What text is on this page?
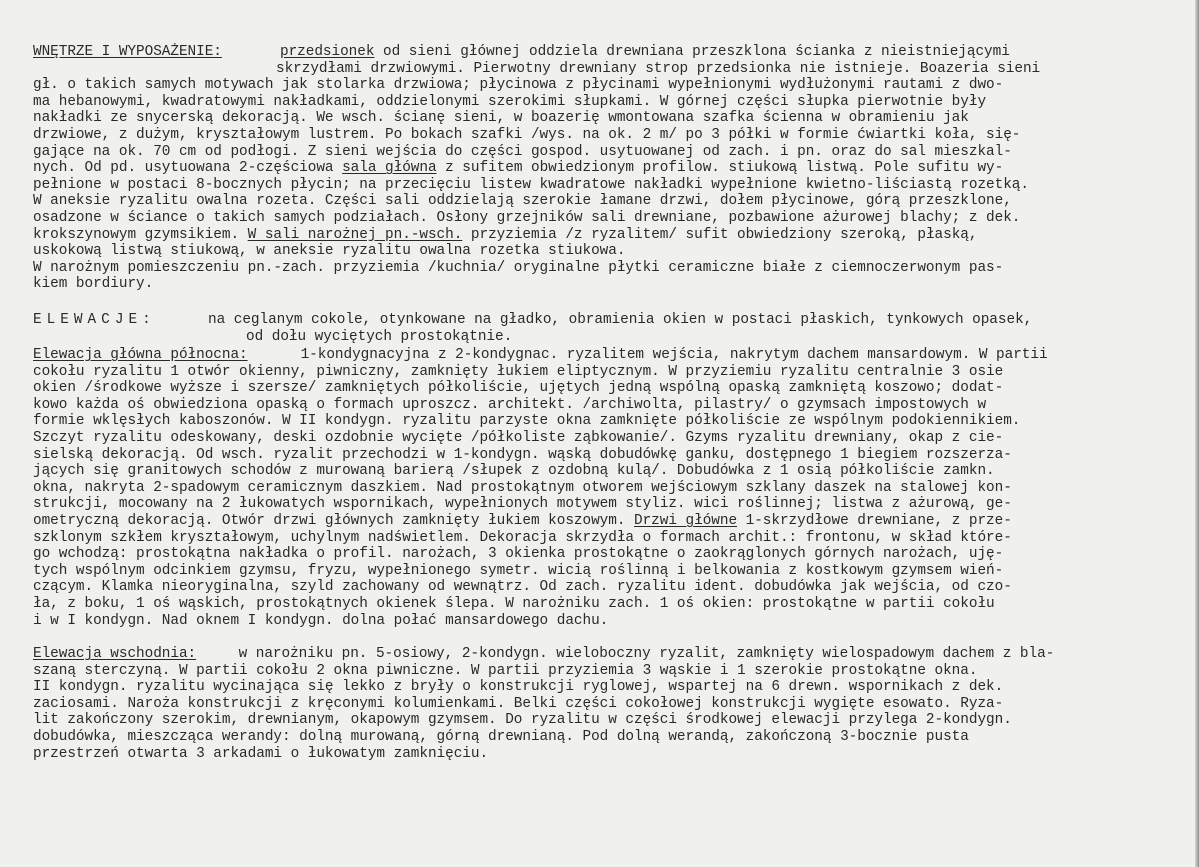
WNĘTRZE I WYPOSAŻENIE:	przedsionek od sieni głównej oddziela drewniana przeszklona ścianka z nieistniejącymi
skrzydłami drzwiowymi. Pierwotny drewniany strop przedsionka nie istnieje. Boazeria sieni
gł. o takich samych motywach jak stolarka drzwiowa; płycinowa z płycinami wypełnionymi wydłużonymi rautami z dwo-
ma hebanowymi, kwadratowymi nakładkami, oddzielonymi szerokimi słupkami. W górnej części słupka pierwotnie były
nakładki ze snycerską dekoracją. We wsch. ścianę sieni, w boazerię wmontowana szafka ścienna w obramieniu jak
drzwiowe, z dużym, kryształowym lustrem. Po bokach szafki /wys. na ok. 2 m/ po 3 półki w formie ćwiartki koła, się-
gające na ok. 70 cm od podłogi. Z sieni wejścia do części gospod. usytuowanej od zach. i pn. oraz do sal mieszkal-
nych. Od pd. usytuowana 2-częściowa sala główna z sufitem obwiedzionym profilow. stiukową listwą. Pole sufitu wy-
pełnione w postaci 8-bocznych płycin; na przecięciu listew kwadratowe nakładki wypełnione kwietno-liściastą rozetką.
W aneksie ryzalitu owalna rozeta. Części sali oddzielają szerokie łamane drzwi, dołem płycinowe, górą przeszklone,
osadzone w ściance o takich samych podziałach. Osłony grzejników sali drewniane, pozbawione ażurowej blachy; z dek.
krokszynowym gzymsikiem. W sali narożnej pn.-wsch. przyziemia /z ryzalitem/ sufit obwiedziony szeroką, płaską,
uskokową listwą stiukową, w aneksie ryzalitu owalna rozetka stiukowa.
W narożnym pomieszczeniu pn.-zach. przyziemia /kuchnia/ oryginalne płytki ceramiczne białe z ciemnoczerwonym pas-
kiem bordiury.
ELEWACJE:	na ceglanym cokole, otynkowane na gładko, obramienia okien w postaci płaskich, tynkowych opasek,
od dołu wyciętych prostokątnie.
Elewacja główna północna:	1-kondygnacyjna z 2-kondygnac. ryzalitem wejścia, nakrytym dachem mansardowym. W partii
cokołu ryzalitu 1 otwór okienny, piwniczny, zamknięty łukiem eliptycznym. W przyziemiu ryzalitu centralnie 3 osie
okien /środkowe wyższe i szersze/ zamkniętych półkoliście, ujętych jedną wspólną opaską zamkniętą koszowo; dodat-
kowo każda oś obwiedziona opaską o formach uproszcz. architekt. /archiwolta, pilastry/ o gzymsach impostowych w
formie wklęsłych kaboszonów. W II kondygn. ryzalitu parzyste okna zamknięte półkoliście ze wspólnym podokiennikiem.
Szczyt ryzalitu odeskowany, deski ozdobnie wycięte /półkoliste ząbkowanie/. Gzyms ryzalitu drewniany, okap z cie-
sielską dekoracją. Od wsch. ryzalit przechodzi w 1-kondygn. wąską dobudówkę ganku, dostępnego 1 biegiem rozszerza-
jących się granitowych schodów z murowaną barierą /słupek z ozdobną kulą/. Dobudówka z 1 osią półkoliście zamkn.
okna, nakryta 2-spadowym ceramicznym daszkiem. Nad prostokątnym otworem wejściowym szklany daszek na stalowej kon-
strukcji, mocowany na 2 łukowatych wspornikach, wypełnionych motywem styliz. wici roślinnej; listwa z ażurową, ge-
ometryczną dekoracją. Otwór drzwi głównych zamknięty łukiem koszowym. Drzwi główne 1-skrzydłowe drewniane, z prze-
szklonym szkłem kryształowym, uchylnym nadświetlem. Dekoracja skrzydła o formach archit.: frontonu, w skład które-
go wchodzą: prostokątna nakładka o profil. narożach, 3 okienka prostokątne o zaokrąglonych górnych narożach, uję-
tych wspólnym odcinkiem gzymsu, fryzu, wypełnionego symetr. wicią roślinną i belkowania z kostkowym gzymsem wień-
czącym. Klamka nieoryginalna, szyld zachowany od wewnątrz. Od zach. ryzalitu ident. dobudówka jak wejścia, od czo-
ła, z boku, 1 oś wąskich, prostokątnych okienek ślepa. W narożniku zach. 1 oś okien: prostokątne w partii cokołu
i w I kondygn. Nad oknem I kondygn. dolna połać mansardowego dachu.
Elewacja wschodnia: w narożniku pn. 5-osiowy, 2-kondygn. wieloboczny ryzalit, zamknięty wielospadowym dachem z bla-
szaną sterczyną. W partii cokołu 2 okna piwniczne. W partii przyziemia 3 wąskie i 1 szerokie prostokątne okna.
II kondygn. ryzalitu wycinająca się lekko z bryły o konstrukcji ryglowej, wspartej na 6 drewn. wspornikach z dek.
zaciosami. Naroża konstrukcji z kręconymi kolumienkami. Belki części cokołowej konstrukcji wygięte esowato. Ryza-
lit zakończony szerokim, drewnianym, okapowym gzymsem. Do ryzalitu w części środkowej elewacji przylega 2-kondygn.
dobudówka, mieszcząca werandy: dolną murowaną, górną drewnianą. Pod dolną werandą, zakończoną 3-bocznie pusta
przestrzeń otwarta 3 arkadami o łukowatym zamknięciu.
